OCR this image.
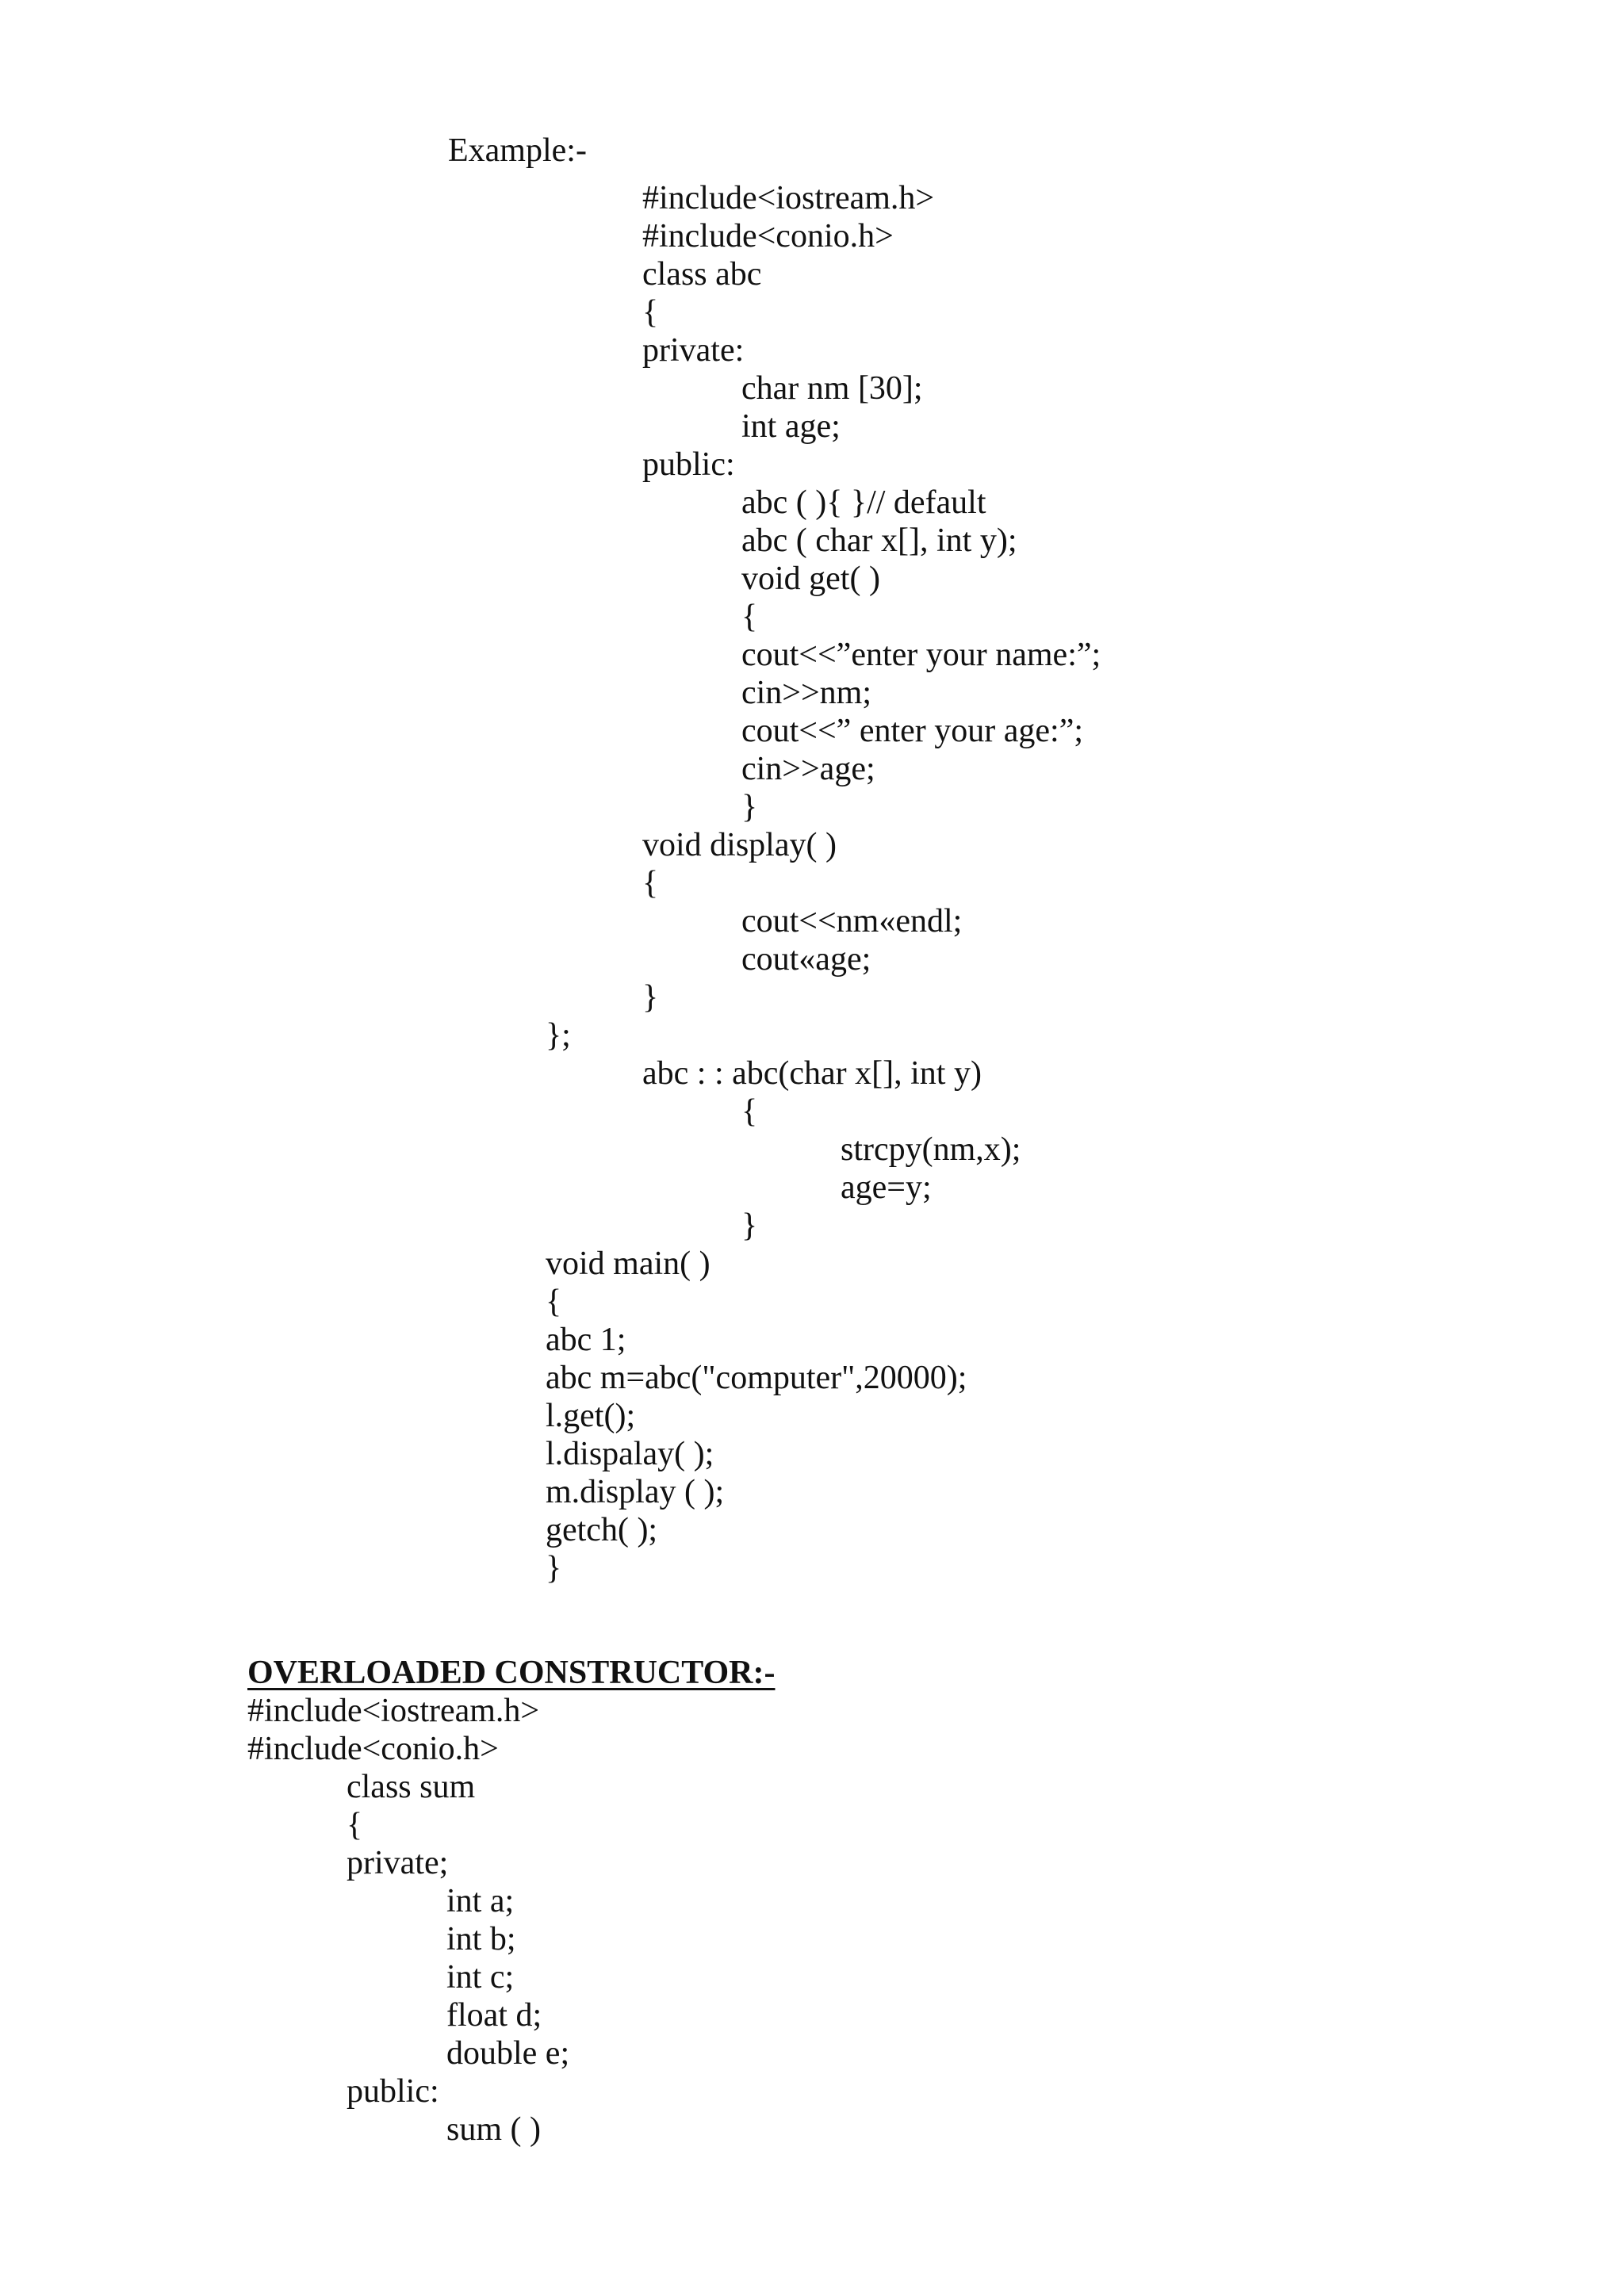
Example:-
#include<iostream.h>
#include<conio.h>
class abc
{
private:
char nm [30];
int age;
public:
abc ( ){ }// default
abc ( char x[], int y);
void get( )
{
cout<<”enter your name:”;
cin>>nm;
cout<<” enter your age:”;
cin>>age;
}
void display( )
{
cout<<nm«endl;
cout«age;
}
};
abc : : abc(char x[], int y)
{
strcpy(nm,x);
age=y;
}
void main( )
{
abc 1;
abc m=abc("computer",20000);
l.get();
l.dispalay( );
m.display ( );
getch( );
}
OVERLOADED CONSTRUCTOR:-
#include<iostream.h>
#include<conio.h>
class sum
{
private;
int a;
int b;
int c;
float d;
double e;
public:
sum ( )
